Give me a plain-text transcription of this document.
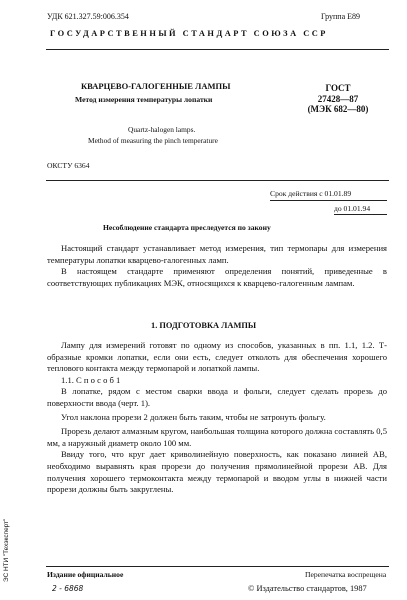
УДК 621.327.59:006.354	Группа Е89
ГОСУДАРСТВЕННЫЙ СТАНДАРТ СОЮЗА ССР
КВАРЦЕВО-ГАЛОГЕННЫЕ ЛАМПЫ
Метод измерения температуры лопатки
Quartz-halogen lamps.
Method of measuring the pinch temperature
ГОСТ
27428—87
(МЭК 682—80)
ОКСТУ 6364
Срок действия с 01.01.89
до 01.01.94
Несоблюдение стандарта преследуется по закону

Настоящий стандарт устанавливает метод измерения, тип термопары для измерения температуры лопатки кварцево-галогенных ламп.

В настоящем стандарте применяют определения понятий, приведенные в соответствующих публикациях МЭК, относящихся к кварцево-галогенным лампам.

1. ПОДГОТОВКА ЛАМПЫ

Лампу для измерений готовят по одному из способов, указанных в пп. 1.1, 1.2. Т-образные кромки лопатки, если они есть, следует отколоть для обеспечения хорошего теплового контакта между термопарой и лопаткой лампы.

1.1. С п о с о б 1

В лопатке, рядом с местом сварки ввода и фольги, следует сделать прорезь до поверхности ввода (черт. 1).

Угол наклона прорези 2 должен быть таким, чтобы не затронуть фольгу.

Прорезь делают алмазным кругом, наибольшая толщина которого должна составлять 0,5 мм, а наружный диаметр около 100 мм.

Ввиду того, что круг дает криволинейную поверхность, как показано линией АВ, необходимо выравнять края прорези до получения прямолинейной прорези АВ. Для получения хорошего термоконтакта между термопарой и вводом углы в нижней части прорези должны быть закруглены.

ЭС НТИ "Техэксперт"	Издание официальное	Перепечатка воспрещена
2 - 6868	© Издательство стандартов, 1987
